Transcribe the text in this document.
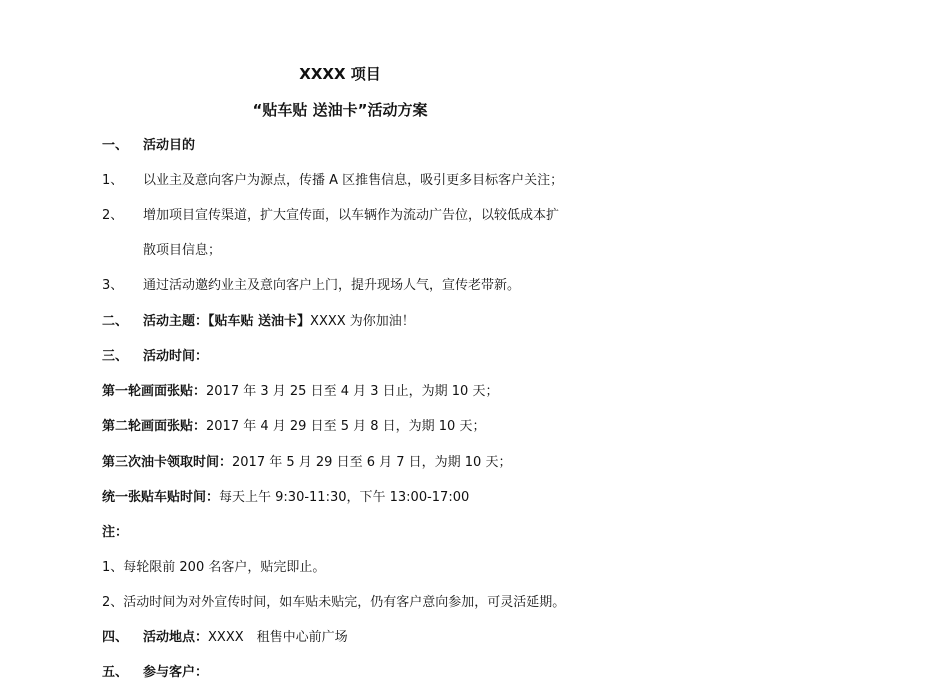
XXXX 项目
“贴车贴 送油卡”活动方案
一、 活动目的
1、 以业主及意向客户为源点，传播 A 区推售信息，吸引更多目标客户关注；
2、 增加项目宣传渠道，扩大宣传面，以车辆作为流动广告位，以较低成本扩
散项目信息；
3、 通过活动邀约业主及意向客户上门，提升现场人气，宣传老带新。
二、 活动主题：【贴车贴 送油卡】XXXX 为你加油！
三、 活动时间：
第一轮画面张贴：2017 年 3 月 25 日至 4 月 3 日止，为期 10 天；
第二轮画面张贴：2017 年 4 月 29 日至 5 月 8 日，为期 10 天；
第三次油卡领取时间：2017 年 5 月 29 日至 6 月 7 日，为期 10 天；
统一张贴车贴时间：每天上午 9:30-11:30，下午 13:00-17:00
注：
1、每轮限前 200 名客户，贴完即止。
2、活动时间为对外宣传时间，如车贴未贴完，仍有客户意向参加，可灵活延期。
四、 活动地点：XXXX　租售中心前广场
五、 参与客户：
